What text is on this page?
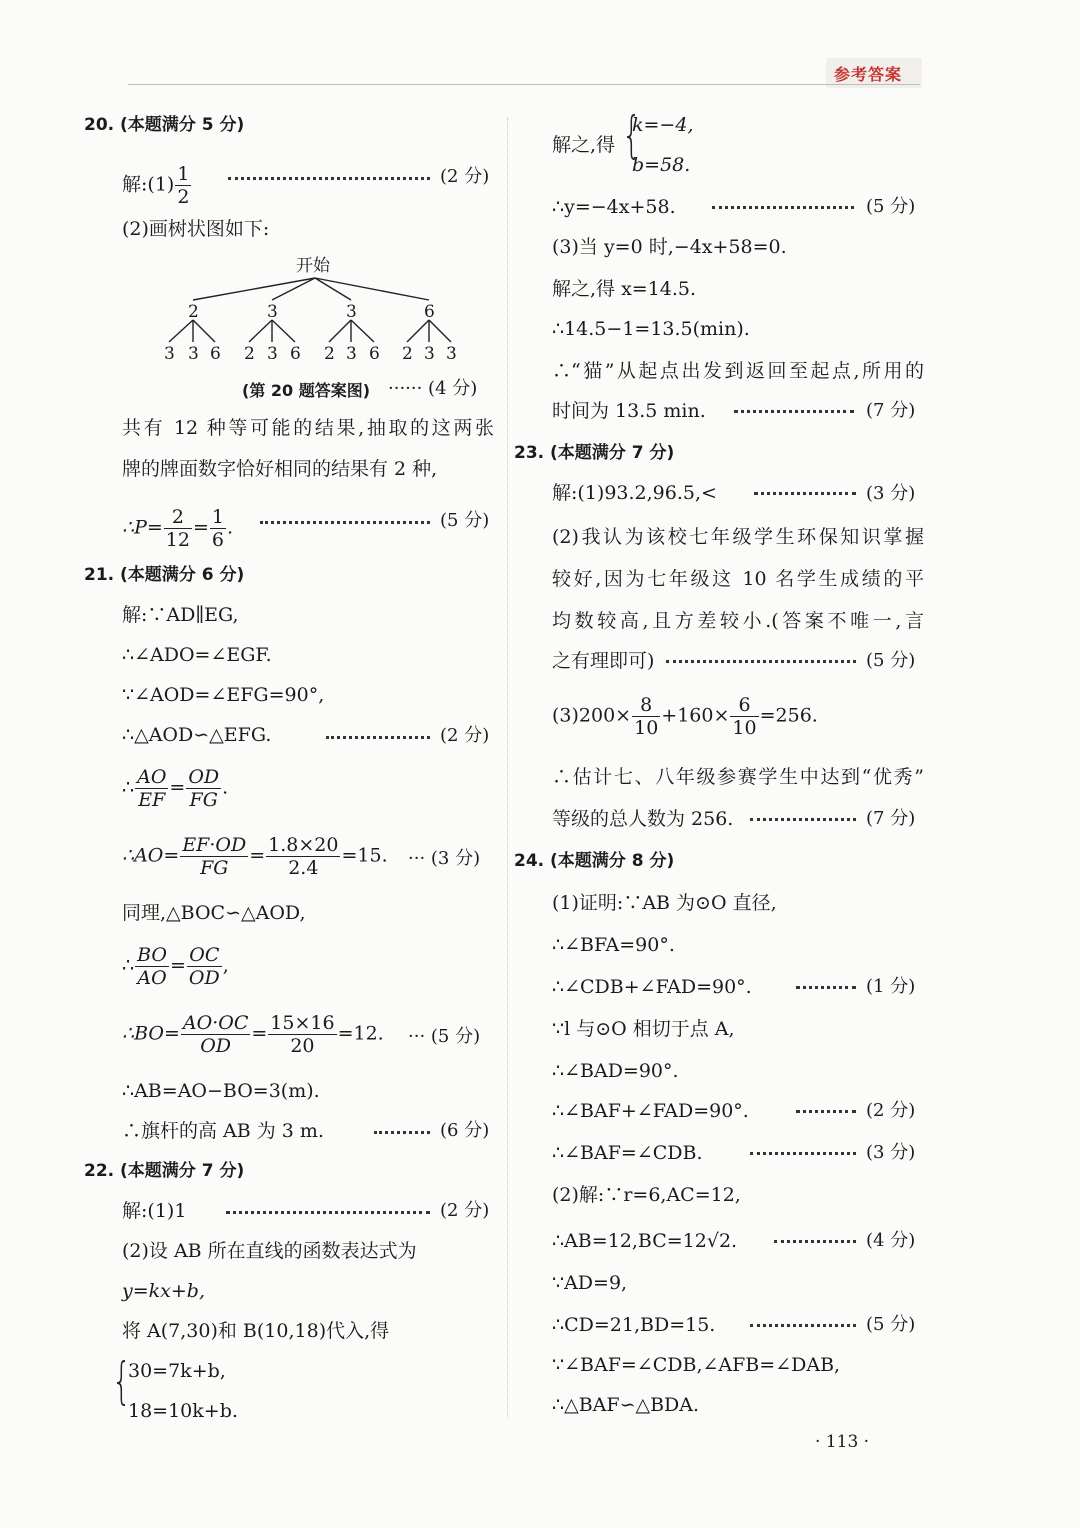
参考答案
20. (本题满分 5 分)
解:(1) $\frac{1}{2}$	(2 分)
(2)画树状图如下:
开始
2	3	3	6
3 3 6 2 3 6 2 3 6 2 3 3
(第 20 题答案图) ······ (4 分)
共有 12 种等可能的结果,抽取的这两张
牌的牌面数字恰好相同的结果有 2 种,
∴P= $\frac{2}{12} = \frac{1}{6}$ .	(5 分)
21. (本题满分 6 分)
解:∵AD∥EG,
∴∠ADO=∠EGF.
∵∠AOD=∠EFG=90°,
∴△AOD∽△EFG.	(2 分)
∴ $\frac{AO}{EF} = \frac{OD}{FG}$ .
∴AO= $\frac{EF\cdot OD}{FG} = \frac{1.8\times 20}{2.4} =15$. ··· (3 分)
同理,△BOC∽△AOD,
∴ $\frac{BO}{AO} = \frac{OC}{OD}$ ,
∴BO= $\frac{AO\cdot OC}{OD} = \frac{15\times 16}{20} =12$. ··· (5 分)
∴AB=AO−BO=3(m).
∴旗杆的高 AB 为 3 m.	(6 分)
22. (本题满分 7 分)
解:(1)1	(2 分)
(2)设 AB 所在直线的函数表达式为
y=kx+b,
将 A(7,30)和 B(10,18)代入,得
{
30=7k+b,
18=10k+b.
解之,得 {
k=−4,
b=58.
∴y=−4x+58.	(5 分)
(3)当 y=0 时,−4x+58=0.
解之,得 x=14.5.
∴14.5−1=13.5(min).
∴“猫”从起点出发到返回至起点,所用的
时间为 13.5 min.	(7 分)
23. (本题满分 7 分)
解:(1)93.2,96.5,<	(3 分)
(2)我认为该校七年级学生环保知识掌握
较好,因为七年级这 10 名学生成绩的平
均数较高,且方差较小.(答案不唯一,言
之有理即可)	(5 分)
$(3)200\times \frac{8}{10} +160\times \frac{6}{10} =256$.
∴估计七、八年级参赛学生中达到“优秀”
等级的总人数为 256.	(7 分)
24. (本题满分 8 分)
(1)证明:∵AB 为⊙O 直径,
∴∠BFA=90°.
∴∠CDB+∠FAD=90°.	(1 分)
∵l 与⊙O 相切于点 A,
∴∠BAD=90°.
∴∠BAF+∠FAD=90°.	(2 分)
∴∠BAF=∠CDB.	(3 分)
(2)解:∵r=6,AC=12,
∴AB=12,BC=12√2.	(4 分)
∵AD=9,
∴CD=21,BD=15.	(5 分)
∵∠BAF=∠CDB,∠AFB=∠DAB,
∴△BAF∽△BDA.
· 113 ·
